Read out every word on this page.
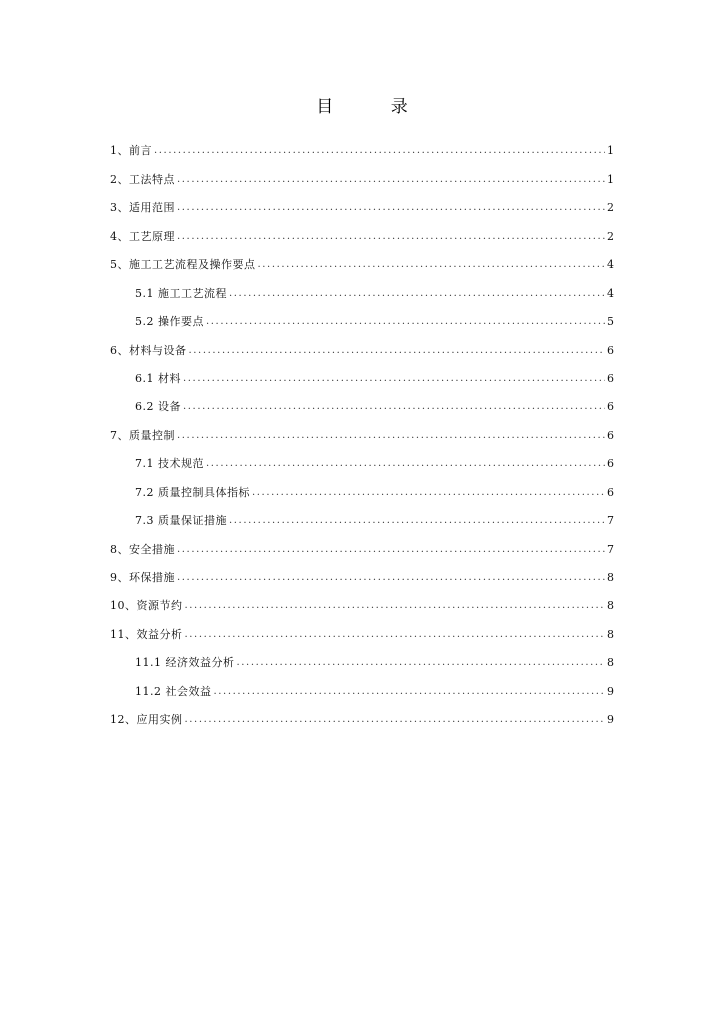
目 录
1、前言 .....	1
2、工法特点 .....	1
3、适用范围 .....	2
4、工艺原理 .....	2
5、施工工艺流程及操作要点 .....	4
5.1 施工工艺流程 .....	4
5.2 操作要点 .....	5
6、材料与设备 .....	6
6.1 材料 .....	6
6.2 设备 .....	6
7、质量控制 .....	6
7.1 技术规范 .....	6
7.2 质量控制具体指标 .....	6
7.3 质量保证措施 .....	7
8、安全措施 .....	7
9、环保措施 .....	8
10、资源节约 .....	8
11、效益分析 .....	8
11.1 经济效益分析 .....	8
11.2 社会效益 .....	9
12、应用实例 .....	9
